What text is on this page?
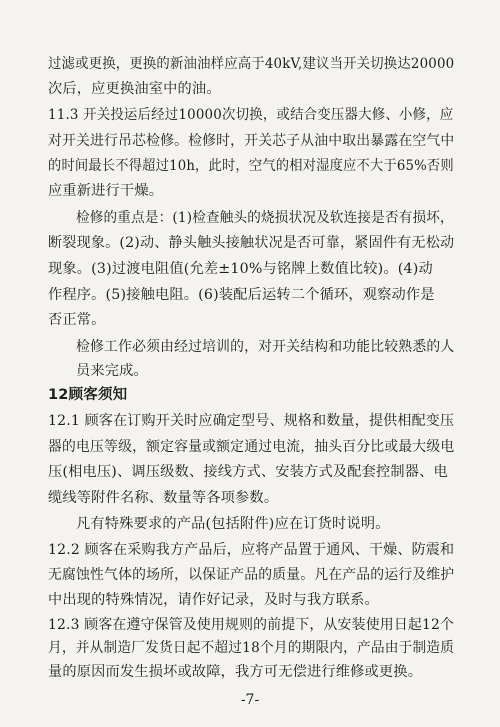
过滤或更换，更换的新油油样应高于40kV,建议当开关切换达20000
次后，应更换油室中的油。
11.3 开关投运后经过10000次切换，或结合变压器大修、小修，应
对开关进行吊芯检修。检修时，开关芯子从油中取出暴露在空气中
的时间最长不得超过10h，此时，空气的相对湿度应不大于65%否则
应重新进行干燥。
检修的重点是：(1)检查触头的烧损状况及软连接是否有损坏，
断裂现象。(2)动、静头触头接触状况是否可靠，紧固件有无松动
现象。(3)过渡电阻值(允差±10%与铭牌上数值比较)。(4)动
作程序。(5)接触电阻。(6)装配后运转二个循环，观察动作是
否正常。
检修工作必须由经过培训的，对开关结构和功能比较熟悉的人
员来完成。
12顾客须知
12.1 顾客在订购开关时应确定型号、规格和数量，提供相配变压
器的电压等级，额定容量或额定通过电流，抽头百分比或最大级电
压(相电压)、调压级数、接线方式、安装方式及配套控制器、电
缆线等附件名称、数量等各项参数。
凡有特殊要求的产品(包括附件)应在订货时说明。
12.2 顾客在采购我方产品后，应将产品置于通风、干燥、防震和
无腐蚀性气体的场所，以保证产品的质量。凡在产品的运行及维护
中出现的特殊情况，请作好记录，及时与我方联系。
12.3 顾客在遵守保管及使用规则的前提下，从安装使用日起12个
月，并从制造厂发货日起不超过18个月的期限内，产品由于制造质
量的原因而发生损坏或故障，我方可无偿进行维修或更换。
-7-
